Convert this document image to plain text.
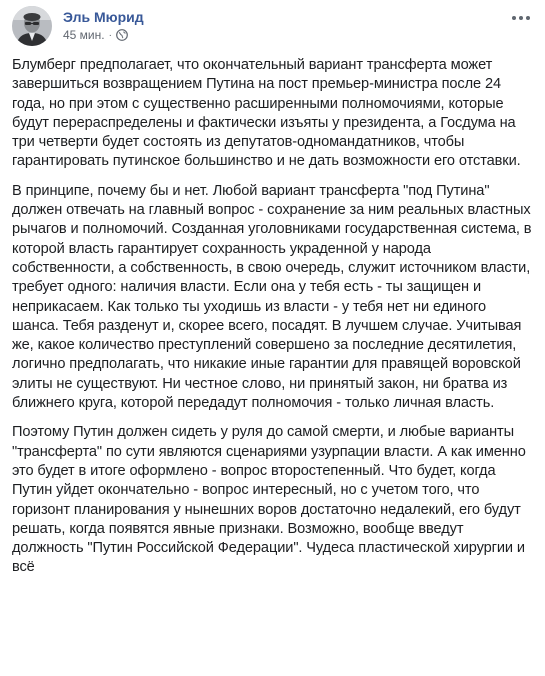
Эль Мюрид
45 мин. ·

Блумберг предполагает, что окончательный вариант трансферта может завершиться возвращением Путина на пост премьер-министра после 24 года, но при этом с существенно расширенными полномочиями, которые будут перераспределены и фактически изъяты у президента, а Госдума на три четверти будет состоять из депутатов-одномандатников, чтобы гарантировать путинское большинство и не дать возможности его отставки.

В принципе, почему бы и нет. Любой вариант трансферта "под Путина" должен отвечать на главный вопрос - сохранение за ним реальных властных рычагов и полномочий. Созданная уголовниками государственная система, в которой власть гарантирует сохранность украденной у народа собственности, а собственность, в свою очередь, служит источником власти, требует одного: наличия власти. Если она у тебя есть - ты защищен и неприкасаем. Как только ты уходишь из власти - у тебя нет ни единого шанса. Тебя разденут и, скорее всего, посадят. В лучшем случае. Учитывая же, какое количество преступлений совершено за последние десятилетия, логично предполагать, что никакие иные гарантии для правящей воровской элиты не существуют. Ни честное слово, ни принятый закон, ни братва из ближнего круга, которой передадут полномочия - только личная власть.

Поэтому Путин должен сидеть у руля до самой смерти, и любые варианты "трансферта" по сути являются сценариями узурпации власти. А как именно это будет в итоге оформлено - вопрос второстепенный. Что будет, когда Путин уйдет окончательно - вопрос интересный, но с учетом того, что горизонт планирования у нынешних воров достаточно недалекий, его будут решать, когда появятся явные признаки. Возможно, вообще введут должность "Путин Российской Федерации". Чудеса пластической хирургии и всё
